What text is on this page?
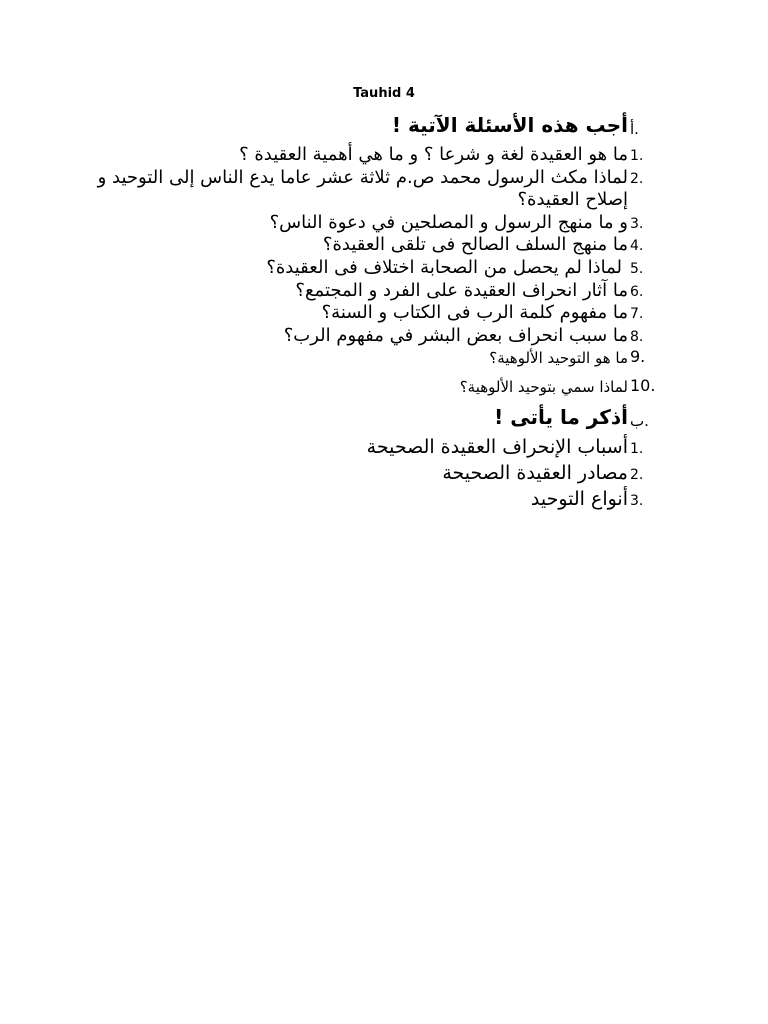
Tauhid 4
أ.
أجب هذه الأسئلة الآتية !
1.
ما هو العقيدة لغة و شرعا ؟ و ما هي أهمية العقيدة ؟
2.
لماذا مكث الرسول محمد ص.م ثلاثة عشر عاما يدع الناس إلى التوحيد و إصلاح العقيدة؟
3.
و ما منهج الرسول و المصلحين في دعوة الناس؟
4.
ما منهج السلف الصالح فى تلقى العقيدة؟
5.
لماذا لم يحصل من الصحابة اختلاف فى العقيدة؟
6.
ما آثار انحراف العقيدة على الفرد و المجتمع؟
7.
ما مفهوم كلمة الرب فى الكتاب و السنة؟
8.
ما سبب انحراف بعض البشر في مفهوم الرب؟
9.
ما هو التوحيد الألوهية؟
10.
لماذا سمي بتوحيد الألوهية؟
ب.
أذكر ما يأتى !
1.
أسباب الإنحراف العقيدة الصحيحة
2.
مصادر العقيدة الصحيحة
3.
أنواع التوحيد
